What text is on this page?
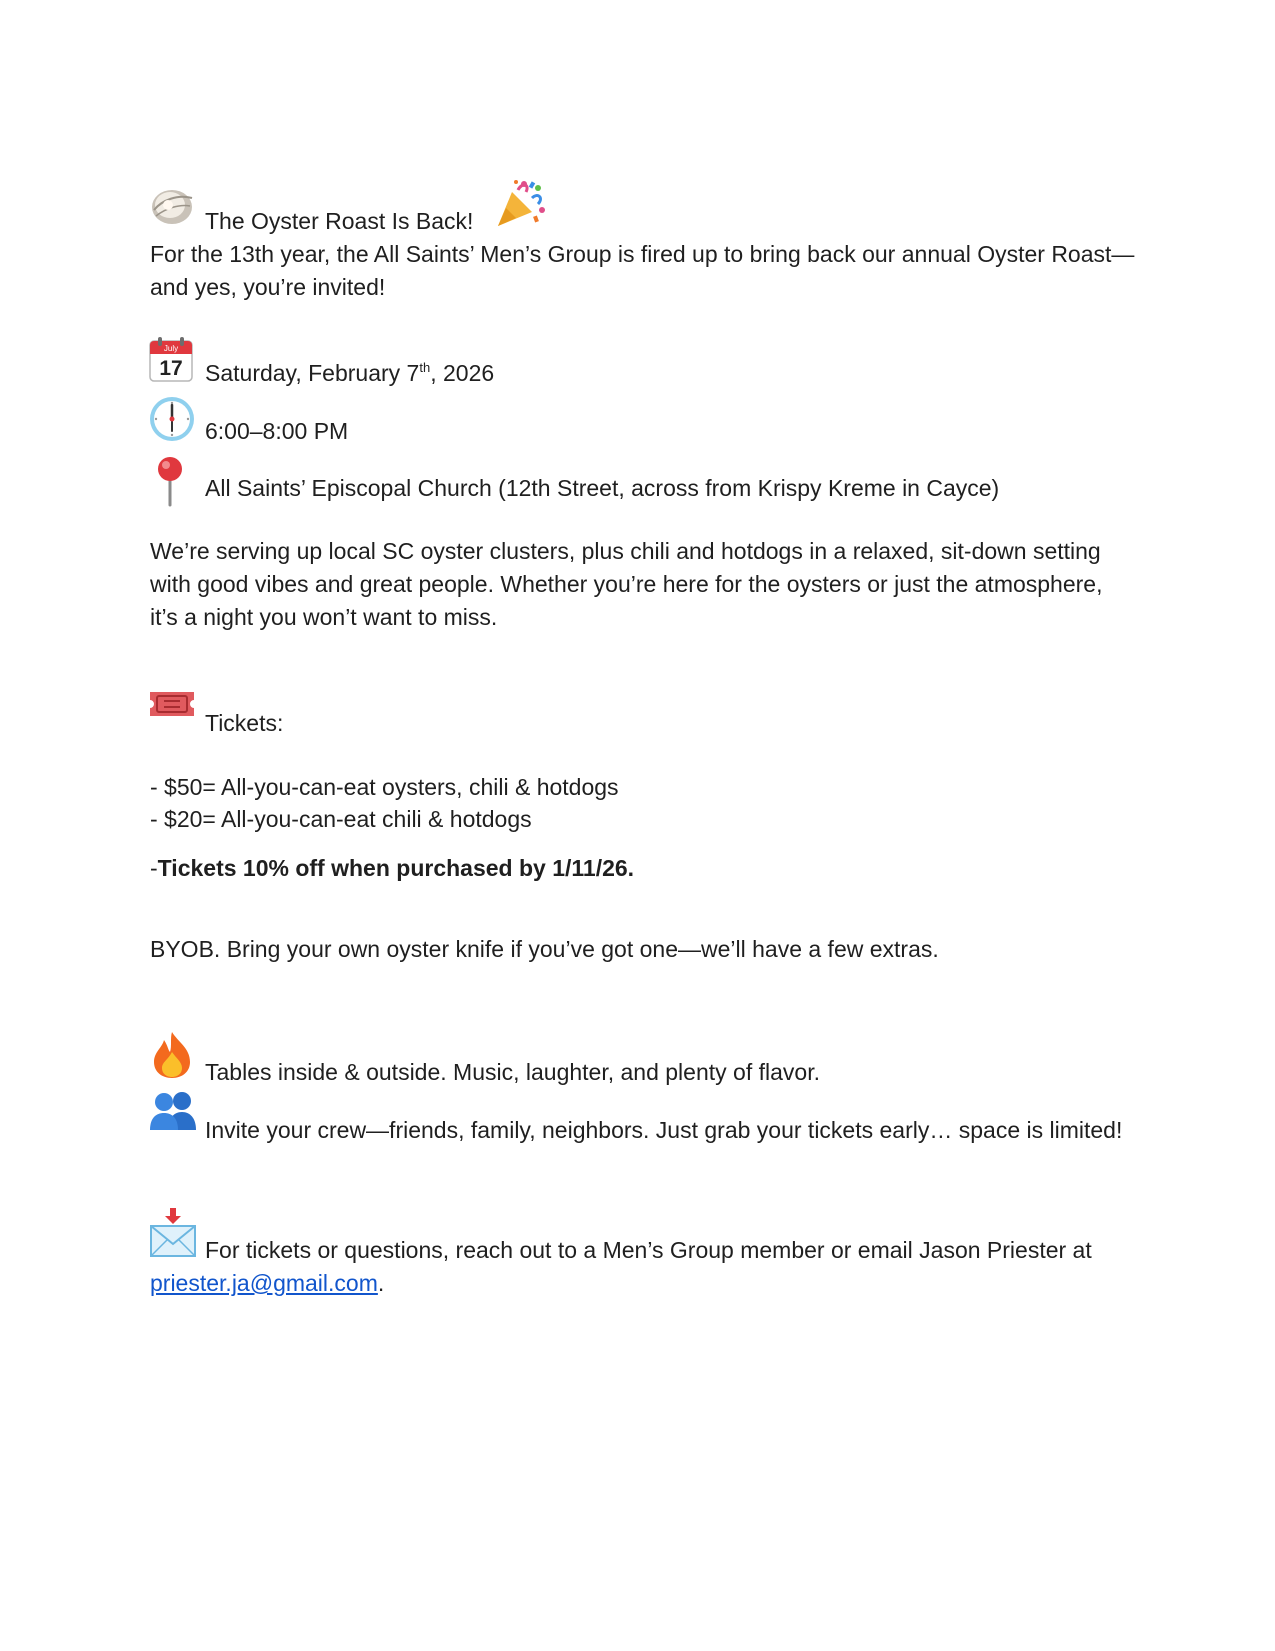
The Oyster Roast Is Back!
For the 13th year, the All Saints’ Men’s Group is fired up to bring back our annual Oyster Roast—and yes, you’re invited!
July
17 Saturday, February 7th, 2026
6:00–8:00 PM
All Saints’ Episcopal Church (12th Street, across from Krispy Kreme in Cayce)
We’re serving up local SC oyster clusters, plus chili and hotdogs in a relaxed, sit-down setting with good vibes and great people. Whether you’re here for the oysters or just the atmosphere, it’s a night you won’t want to miss.
Tickets:
- $50= All-you-can-eat oysters, chili & hotdogs
- $20= All-you-can-eat chili & hotdogs
-Tickets 10% off when purchased by 1/11/26.
BYOB. Bring your own oyster knife if you’ve got one—we’ll have a few extras.
Tables inside & outside. Music, laughter, and plenty of flavor.
Invite your crew—friends, family, neighbors. Just grab your tickets early… space is limited!
For tickets or questions, reach out to a Men’s Group member or email Jason Priester at priester.ja@gmail.com.
